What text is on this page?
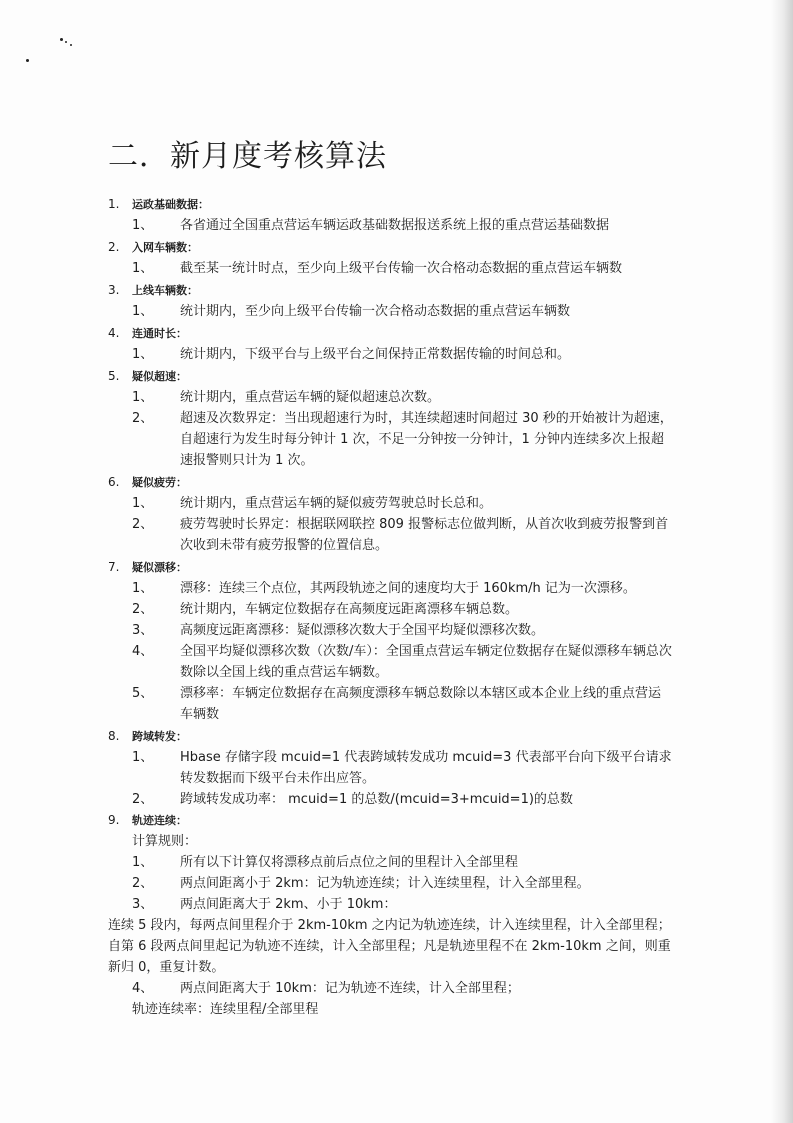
二．新月度考核算法
1. 运政基础数据：
1、 各省通过全国重点营运车辆运政基础数据报送系统上报的重点营运基础数据
2. 入网车辆数：
1、 截至某一统计时点，至少向上级平台传输一次合格动态数据的重点营运车辆数
3. 上线车辆数：
1、 统计期内，至少向上级平台传输一次合格动态数据的重点营运车辆数
4. 连通时长：
1、 统计期内，下级平台与上级平台之间保持正常数据传输的时间总和。
5. 疑似超速：
1、 统计期内，重点营运车辆的疑似超速总次数。
2、 超速及次数界定：当出现超速行为时，其连续超速时间超过 30 秒的开始被计为超速，自超速行为发生时每分钟计 1 次，不足一分钟按一分钟计，1 分钟内连续多次上报超速报警则只计为 1 次。
6. 疑似疲劳：
1、 统计期内，重点营运车辆的疑似疲劳驾驶总时长总和。
2、 疲劳驾驶时长界定：根据联网联控 809 报警标志位做判断，从首次收到疲劳报警到首次收到未带有疲劳报警的位置信息。
7. 疑似漂移：
1、 漂移：连续三个点位，其两段轨迹之间的速度均大于 160km/h 记为一次漂移。
2、 统计期内，车辆定位数据存在高频度远距离漂移车辆总数。
3、 高频度远距离漂移：疑似漂移次数大于全国平均疑似漂移次数。
4、 全国平均疑似漂移次数（次数/车）：全国重点营运车辆定位数据存在疑似漂移车辆总次数除以全国上线的重点营运车辆数。
5、 漂移率：车辆定位数据存在高频度漂移车辆总数除以本辖区或本企业上线的重点营运车辆数
8. 跨域转发：
1、 Hbase 存储字段 mcuid=1 代表跨域转发成功 mcuid=3 代表部平台向下级平台请求转发数据而下级平台未作出应答。
2、 跨域转发成功率： mcuid=1 的总数/(mcuid=3+mcuid=1)的总数
9. 轨迹连续：
计算规则：
1、 所有以下计算仅将漂移点前后点位之间的里程计入全部里程
2、 两点间距离小于 2km：记为轨迹连续；计入连续里程，计入全部里程。
3、 两点间距离大于 2km、小于 10km：
连续 5 段内，每两点间里程介于 2km-10km 之内记为轨迹连续，计入连续里程，计入全部里程；自第 6 段两点间里起记为轨迹不连续，计入全部里程；凡是轨迹里程不在 2km-10km 之间，则重新归 0，重复计数。
4、 两点间距离大于 10km：记为轨迹不连续，计入全部里程；
轨迹连续率：连续里程/全部里程
